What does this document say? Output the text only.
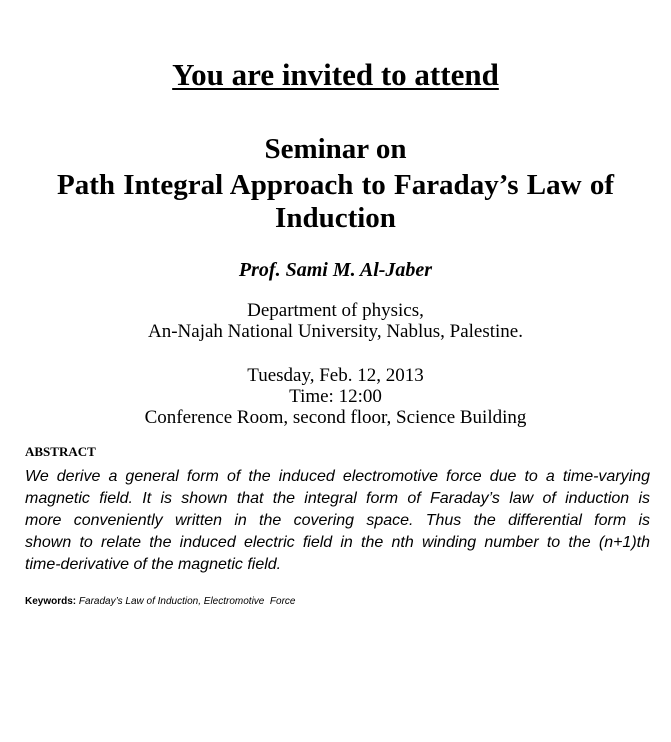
You are invited to attend
Seminar on
Path Integral Approach to Faraday’s Law of
Induction
Prof. Sami M. Al-Jaber
Department of physics,
An-Najah National University, Nablus, Palestine.
Tuesday, Feb. 12, 2013
Time: 12:00
Conference Room, second floor, Science Building
ABSTRACT
We derive a general form of the induced electromotive force due to a time-varying
magnetic field. It is shown that the integral form of Faraday’s law of induction is
more conveniently written in the covering space. Thus the differential form is
shown to relate the induced electric field in the nth winding number to the (n+1)th
time-derivative of the magnetic field.
Keywords: Faraday’s Law of Induction, Electromotive  Force
